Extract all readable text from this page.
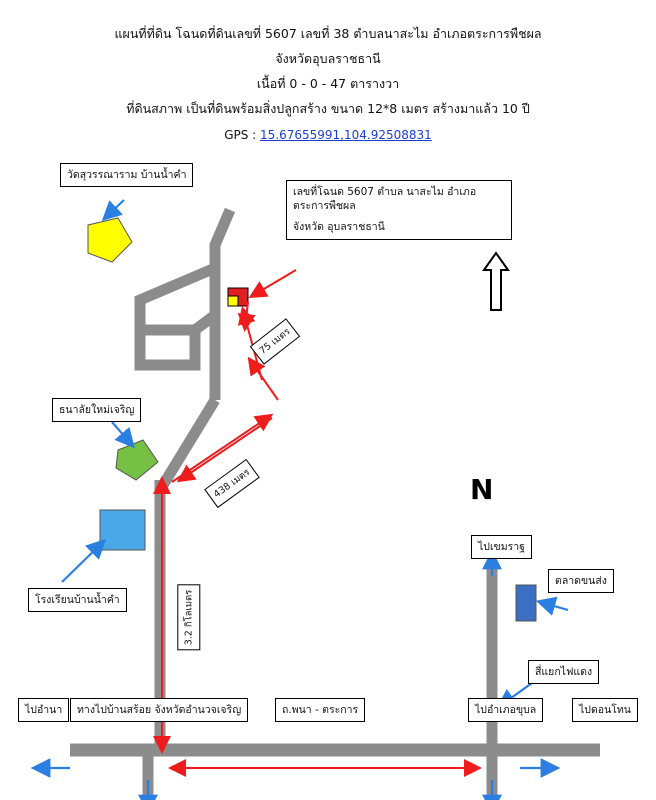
แผนที่ที่ดิน โฉนดที่ดินเลขที่ 5607 เลขที่ 38 ตำบลนาสะไม อำเภอตระการพืชผล
จังหวัดอุบลราชธานี
เนื้อที่ 0 - 0 - 47 ตารางวา
ที่ดินสภาพ เป็นที่ดินพร้อมสิ่งปลูกสร้าง ขนาด 12*8 เมตร สร้างมาแล้ว 10 ปี
GPS : 15.67655991,104.92508831
N
เลขที่โฉนด 5607 ตำบล นาสะไม อำเภอ ตระการพืชผล
จังหวัด อุบลราชธานี
วัดสุวรรณาราม บ้านน้ำคำ
ธนาลัยใหม่เจริญ
โรงเรียนบ้านน้ำคำ
ไปอำนา	ทางไปบ้านสร้อย จังหวัดอำนวจเจริญ	ถ.พนา - ตระการ	ไปอำเภอขุบล	ไปดอนโทน
ไปเขมราฐ
ตลาดขนส่ง
สี่แยกไฟแดง
75 เมตร
438 เมตร
3.2 กิโลเมตร
